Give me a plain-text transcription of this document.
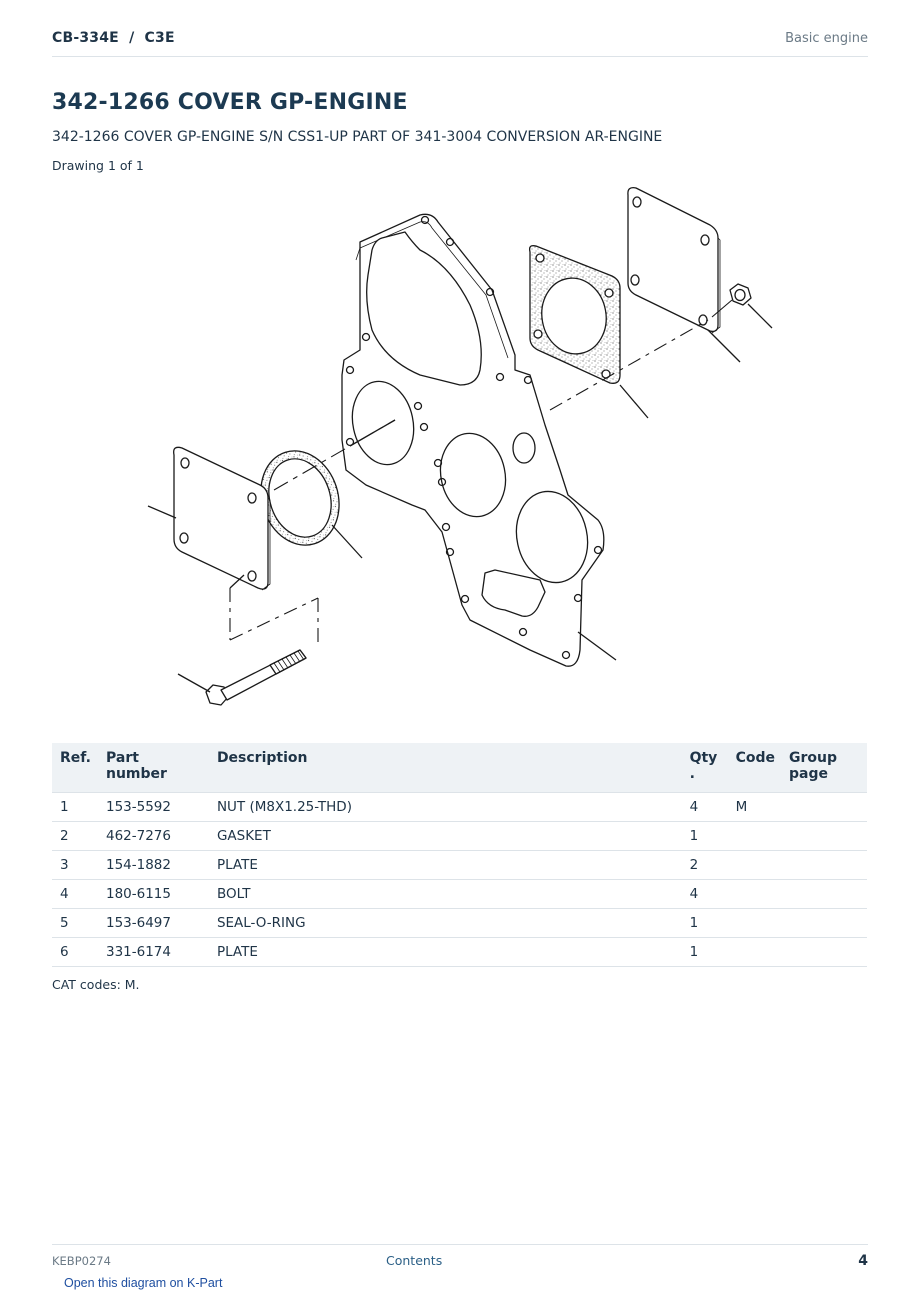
CB-334E  /  C3E	Basic engine
342-1266 COVER GP-ENGINE
342-1266 COVER GP-ENGINE S/N CSS1-UP PART OF 341-3004 CONVERSION AR-ENGINE
Drawing 1 of 1
Ref.	Part number	Description	Qty .	Code	Group page
1	153-5592	NUT (M8X1.25-THD)	4	M	
2	462-7276	GASKET	1		
3	154-1882	PLATE	2		
4	180-6115	BOLT	4		
5	153-6497	SEAL-O-RING	1		
6	331-6174	PLATE	1		
CAT codes: M.
KEBP0274	Contents	4
Open this diagram on K-Part
